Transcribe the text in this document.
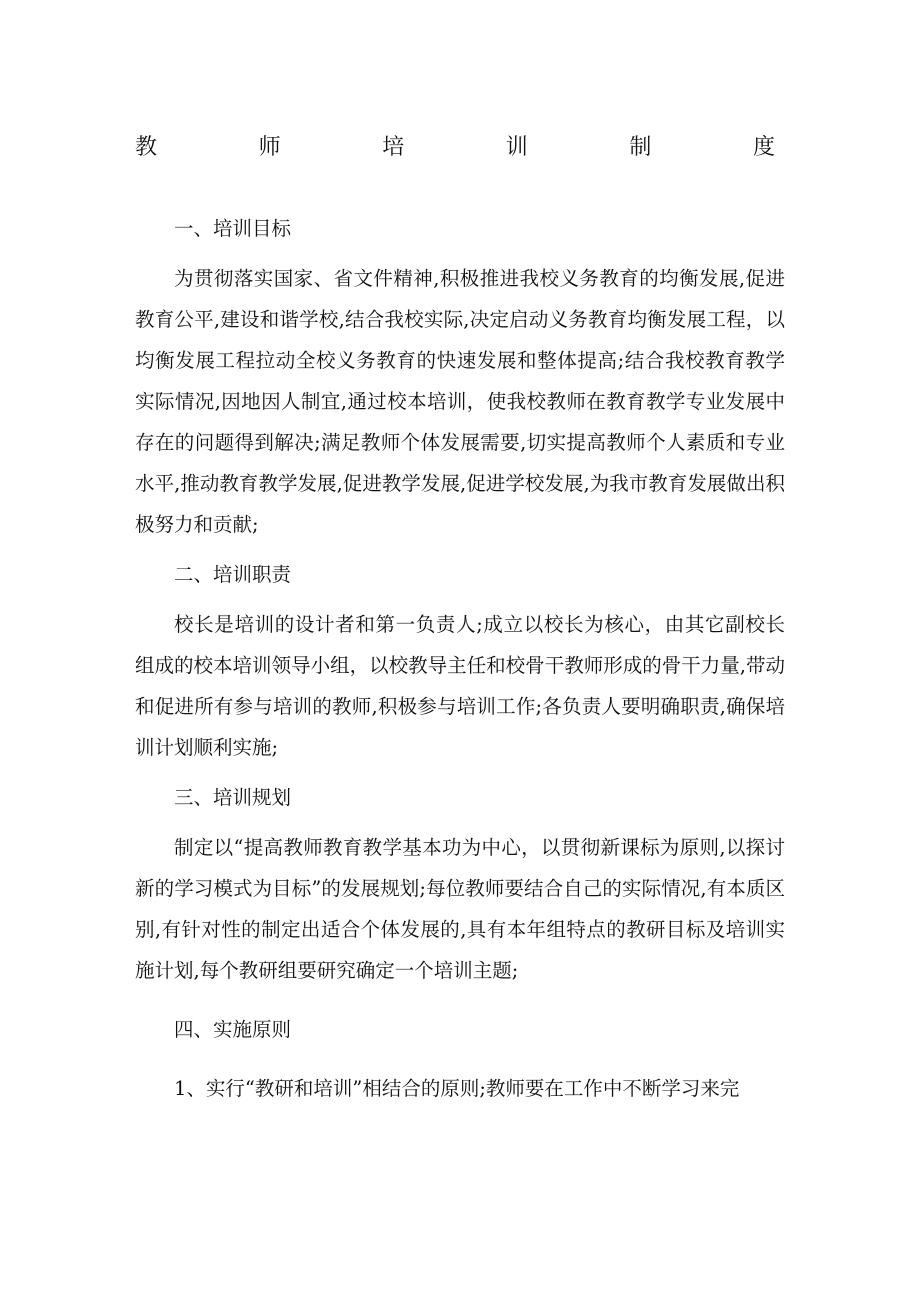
教	师	培	训	制	度

一、培训目标

为贯彻落实国家、省文件精神,积极推进我校义务教育的均衡发展,促进教育公平,建设和谐学校,结合我校实际,决定启动义务教育均衡发展工程，以均衡发展工程拉动全校义务教育的快速发展和整体提高;结合我校教育教学实际情况,因地因人制宜,通过校本培训，使我校教师在教育教学专业发展中存在的问题得到解决;满足教师个体发展需要,切实提高教师个人素质和专业水平,推动教育教学发展,促进教学发展,促进学校发展,为我市教育发展做出积极努力和贡献;

二、培训职责

校长是培训的设计者和第一负责人;成立以校长为核心，由其它副校长组成的校本培训领导小组，以校教导主任和校骨干教师形成的骨干力量,带动和促进所有参与培训的教师,积极参与培训工作;各负责人要明确职责,确保培训计划顺利实施;

三、培训规划

制定以“提高教师教育教学基本功为中心，以贯彻新课标为原则,以探讨新的学习模式为目标”的发展规划;每位教师要结合自己的实际情况,有本质区别,有针对性的制定出适合个体发展的,具有本年组特点的教研目标及培训实施计划,每个教研组要研究确定一个培训主题;

四、实施原则

1、实行“教研和培训”相结合的原则;教师要在工作中不断学习来完
